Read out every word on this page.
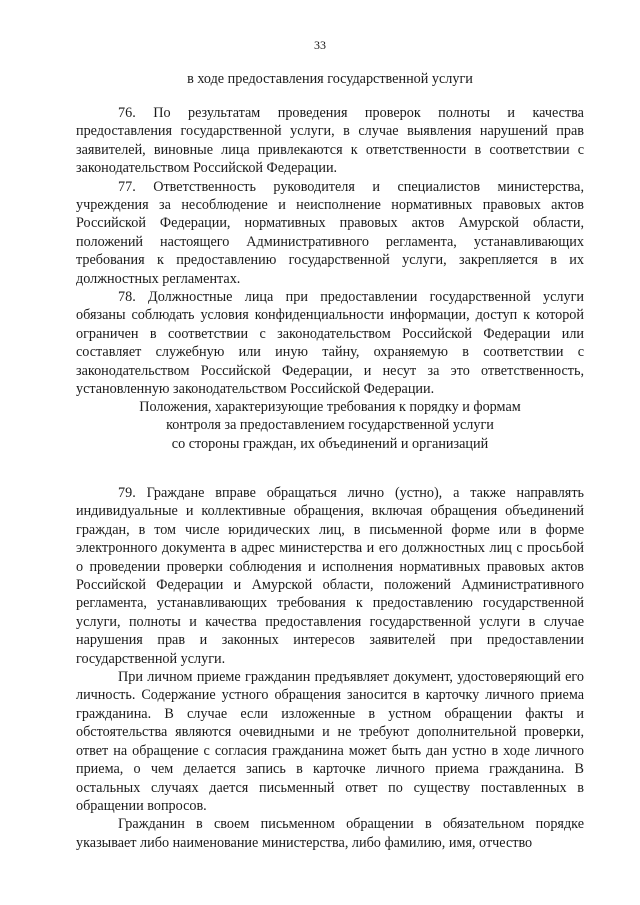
33
в ходе предоставления государственной услуги

76. По результатам проведения проверок полноты и качества предоставления государственной услуги, в случае выявления нарушений прав заявителей, виновные лица привлекаются к ответственности в соответствии с законодательством Российской Федерации.

77. Ответственность руководителя и специалистов министерства, учреждения за несоблюдение и неисполнение нормативных правовых актов Российской Федерации, нормативных правовых актов Амурской области, положений настоящего Административного регламента, устанавливающих требования к предоставлению государственной услуги, закрепляется в их должностных регламентах.

78. Должностные лица при предоставлении государственной услуги обязаны соблюдать условия конфиденциальности информации, доступ к которой ограничен в соответствии с законодательством Российской Федерации или составляет служебную или иную тайну, охраняемую в соответствии с законодательством Российской Федерации, и несут за это ответственность, установленную законодательством Российской Федерации.

Положения, характеризующие требования к порядку и формам
контроля за предоставлением государственной услуги
со стороны граждан, их объединений и организаций

79. Граждане вправе обращаться лично (устно), а также направлять индивидуальные и коллективные обращения, включая обращения объединений граждан, в том числе юридических лиц, в письменной форме или в форме электронного документа в адрес министерства и его должностных лиц с просьбой о проведении проверки соблюдения и исполнения нормативных правовых актов Российской Федерации и Амурской области, положений Административного регламента, устанавливающих требования к предоставлению государственной услуги, полноты и качества предоставления государственной услуги в случае нарушения прав и законных интересов заявителей при предоставлении государственной услуги.

При личном приеме гражданин предъявляет документ, удостоверяющий его личность. Содержание устного обращения заносится в карточку личного приема гражданина. В случае если изложенные в устном обращении факты и обстоятельства являются очевидными и не требуют дополнительной проверки, ответ на обращение с согласия гражданина может быть дан устно в ходе личного приема, о чем делается запись в карточке личного приема гражданина. В остальных случаях дается письменный ответ по существу поставленных в обращении вопросов.

Гражданин в своем письменном обращении в обязательном порядке указывает либо наименование министерства, либо фамилию, имя, отчество
